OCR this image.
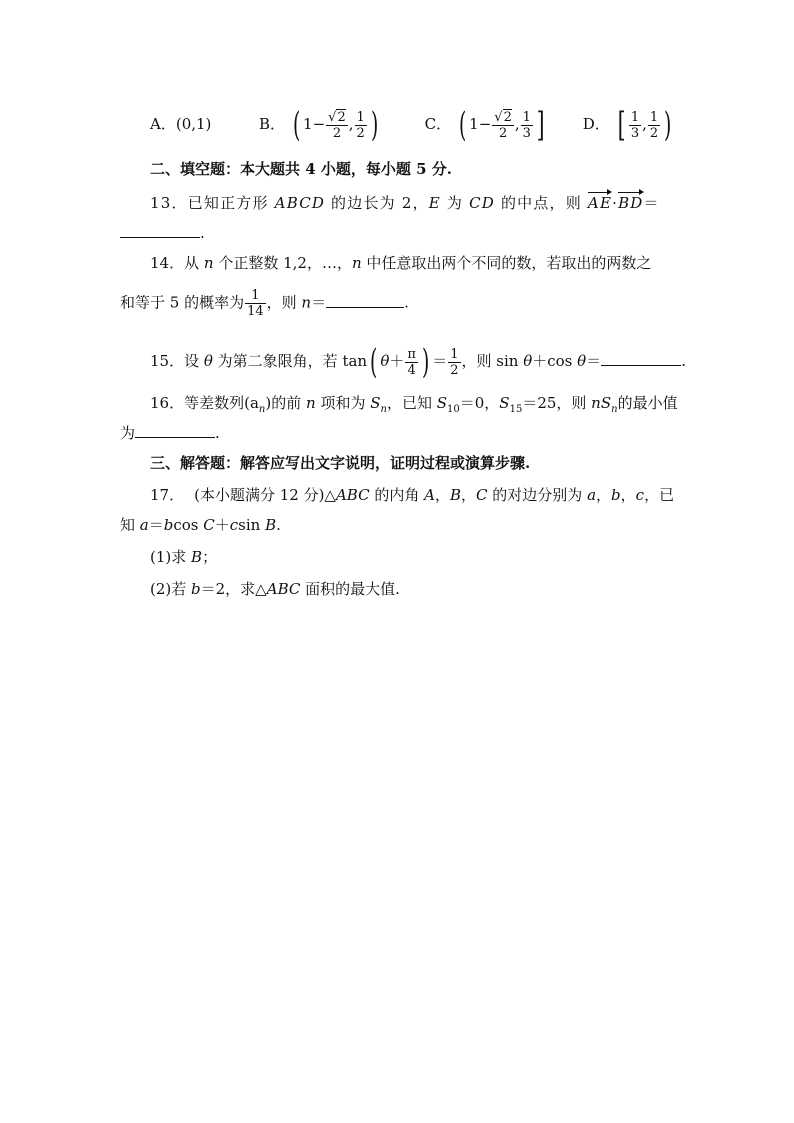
A．(0,1)	B． ( $1- \frac{√2}{2}$ , $\frac{1}{2}$ )	C． ( $1- \frac{√2}{2}$ , $\frac{1}{3}$ ]	D． [ $\frac{1}{3}$ , $\frac{1}{2}$ )
二、填空题：本大题共 4 小题，每小题 5 分.
13．已知正方形 ABCD 的边长为 2，E 为 CD 的中点，则 AE·BD＝
.
14．从 n 个正整数 1,2，…，n 中任意取出两个不同的数，若取出的两数之
和等于 5 的概率为 $\frac{1}{14}$ ，则 n＝	.
15．设 θ 为第二象限角，若 tan( $\theta+ \frac{\pi}{4}$ ) ＝ $\frac{1}{2}$ ，则 sin θ＋cos θ＝	.
16．等差数列$(a_n)$的前 n 项和为 $S_n$，已知 $S_{10}=0$，$S_{15}=25$，则 $nS_n$的最小值
为	.
三、解答题：解答应写出文字说明，证明过程或演算步骤.
17． (本小题满分 12 分)△ABC 的内角 A，B，C 的对边分别为 a，b，c，已
知 a＝bcos C＋csin B.
(1)求 B；
(2)若 b＝2，求△ABC 面积的最大值.
